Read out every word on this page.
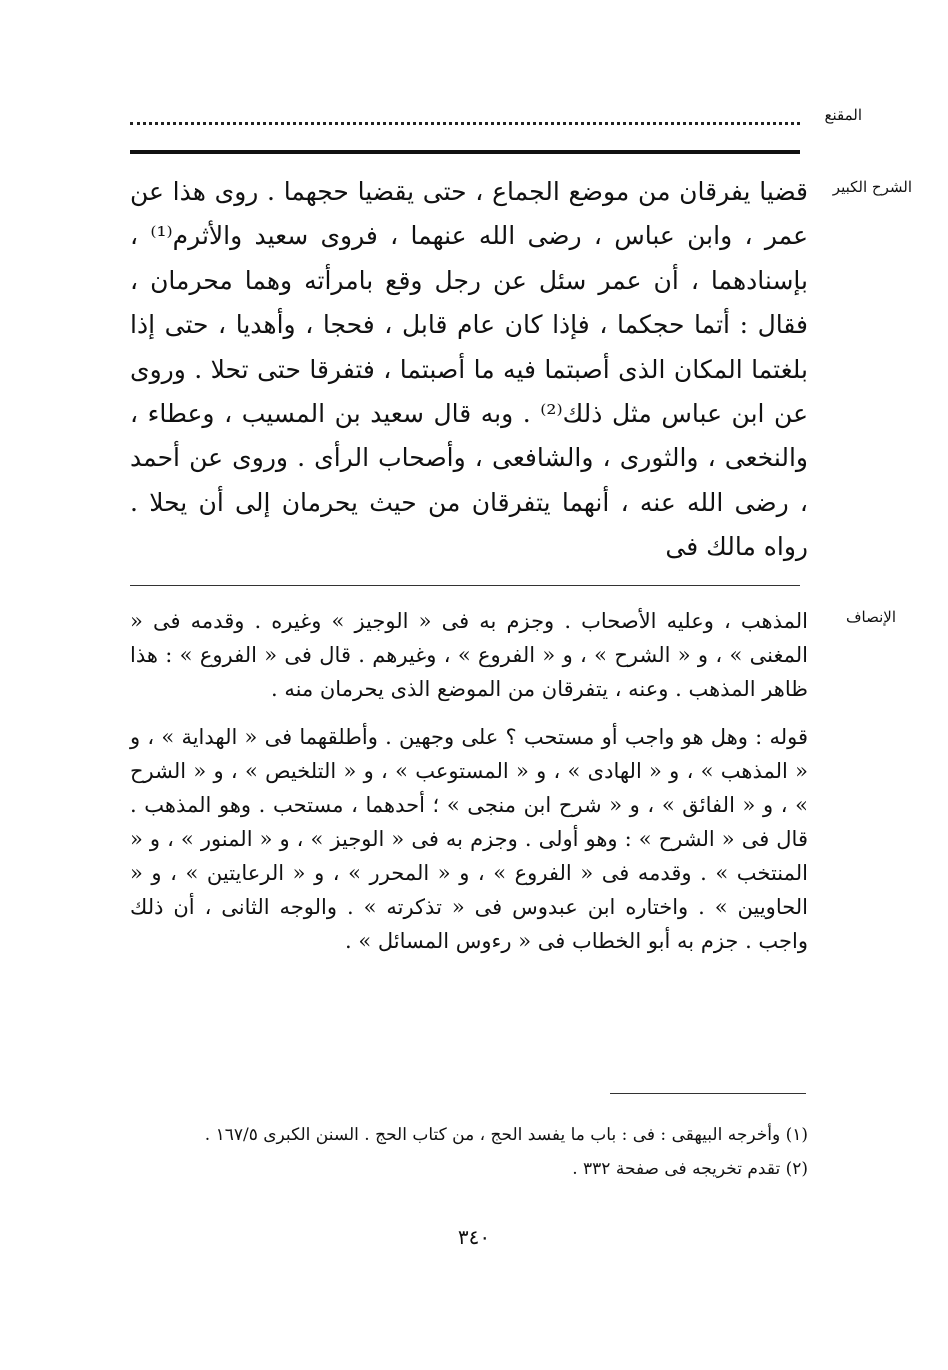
المقنع
الشرح الكبير
الإنصاف

قضيا يفرقان من موضع الجماع ، حتى يقضيا حجهما . روى هذا عن عمر ، وابن عباس ، رضى الله عنهما ، فروى سعيد والأثرم⁽¹⁾ ، بإسنادهما ، أن عمر سئل عن رجل وقع بامرأته وهما محرمان ، فقال : أتما حجكما ، فإذا كان عام قابل ، فحجا ، وأهديا ، حتى إذا بلغتما المكان الذى أصبتما فيه ما أصبتما ، فتفرقا حتى تحلا . وروى عن ابن عباس مثل ذلك⁽²⁾ . وبه قال سعيد بن المسيب ، وعطاء ، والنخعى ، والثورى ، والشافعى ، وأصحاب الرأى . وروى عن أحمد ، رضى الله عنه ، أنهما يتفرقان من حيث يحرمان إلى أن يحلا . رواه مالك فى

المذهب ، وعليه الأصحاب . وجزم به فى « الوجيز » وغيره . وقدمه فى « المغنى » ، و « الشرح » ، و « الفروع » ، وغيرهم . قال فى « الفروع » : هذا ظاهر المذهب . وعنه ، يتفرقان من الموضع الذى يحرمان منه .

قوله : وهل هو واجب أو مستحب ؟ على وجهين . وأطلقهما فى « الهداية » ، و « المذهب » ، و « الهادى » ، و « المستوعب » ، و « التلخيص » ، و « الشرح » ، و « الفائق » ، و « شرح ابن منجى » ؛ أحدهما ، مستحب . وهو المذهب . قال فى « الشرح » : وهو أولى . وجزم به فى « الوجيز » ، و « المنور » ، و « المنتخب » . وقدمه فى « الفروع » ، و « المحرر » ، و « الرعايتين » ، و « الحاويين » . واختاره ابن عبدوس فى « تذكرته » . والوجه الثانى ، أن ذلك واجب . جزم به أبو الخطاب فى « رءوس المسائل » .

(١) وأخرجه البيهقى : فى : باب ما يفسد الحج ، من كتاب الحج . السنن الكبرى ١٦٧/٥ .

(٢) تقدم تخريجه فى صفحة ٣٣٢ .

٣٤٠
